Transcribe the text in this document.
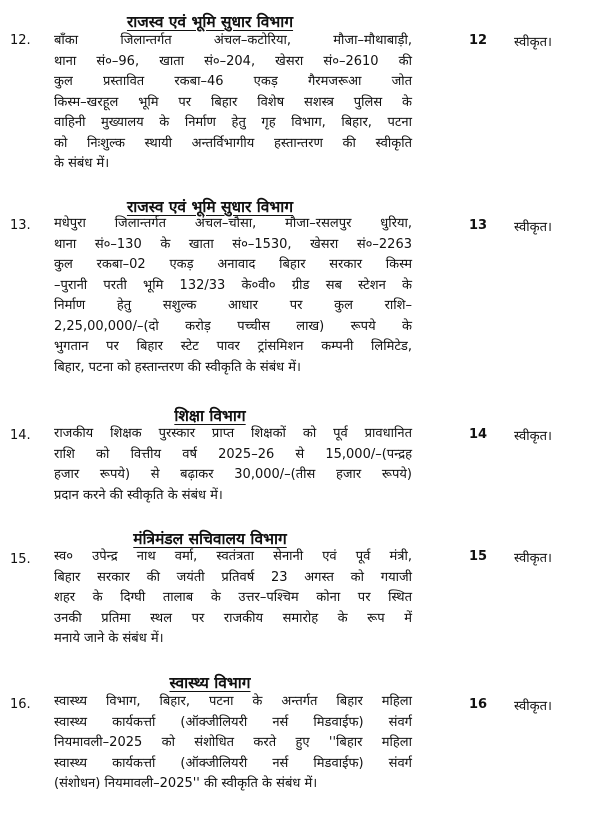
राजस्व एवं भूमि सुधार विभाग
12. बाँका जिलान्तर्गत अंचल–कटोरिया, मौजा–मौथाबाड़ी,
थाना सं०–96, खाता सं०–204, खेसरा सं०–2610 की
कुल प्रस्तावित रकबा–46 एकड़ गैरमजरूआ जोत
किस्म–खरहूल भूमि पर बिहार विशेष सशस्त्र पुलिस के
वाहिनी मुख्यालय के निर्माण हेतु गृह विभाग, बिहार, पटना
को निःशुल्क स्थायी अन्तर्विभागीय हस्तान्तरण की स्वीकृति
के संबंध में।
12 स्वीकृत।
राजस्व एवं भूमि सुधार विभाग
13. मधेपुरा जिलान्तर्गत अंचल–चौसा, मौजा–रसलपुर धुरिया,
थाना सं०–130 के खाता सं०–1530, खेसरा सं०–2263
कुल रकबा–02 एकड़ अनावाद बिहार सरकार किस्म
–पुरानी परती भूमि 132/33 के०वी० ग्रीड सब स्टेशन के
निर्माण हेतु सशुल्क आधार पर कुल राशि–
2,25,00,000/–(दो करोड़ पच्चीस लाख) रूपये के
भुगतान पर बिहार स्टेट पावर ट्रांसमिशन कम्पनी लिमिटेड,
बिहार, पटना को हस्तान्तरण की स्वीकृति के संबंध में।
13 स्वीकृत।
शिक्षा विभाग
14. राजकीय शिक्षक पुरस्कार प्राप्त शिक्षकों को पूर्व प्रावधानित
राशि को वित्तीय वर्ष 2025–26 से 15,000/–(पन्द्रह
हजार रूपये) से बढ़ाकर 30,000/–(तीस हजार रूपये)
प्रदान करने की स्वीकृति के संबंध में।
14 स्वीकृत।
मंत्रिमंडल सचिवालय विभाग
15. स्व० उपेन्द्र नाथ वर्मा, स्वतंत्रता सेनानी एवं पूर्व मंत्री,
बिहार सरकार की जयंती प्रतिवर्ष 23 अगस्त को गयाजी
शहर के दिग्घी तालाब के उत्तर–पश्चिम कोना पर स्थित
उनकी प्रतिमा स्थल पर राजकीय समारोह के रूप में
मनाये जाने के संबंध में।
15 स्वीकृत।
स्वास्थ्य विभाग
16. स्वास्थ्य विभाग, बिहार, पटना के अन्तर्गत बिहार महिला
स्वास्थ्य कार्यकर्त्ता (ऑक्जीलियरी नर्स मिडवाईफ) संवर्ग
नियमावली–2025 को संशोधित करते हुए ''बिहार महिला
स्वास्थ्य कार्यकर्त्ता (ऑक्जीलियरी नर्स मिडवाईफ) संवर्ग
(संशोधन) नियमावली–2025'' की स्वीकृति के संबंध में।
16 स्वीकृत।
